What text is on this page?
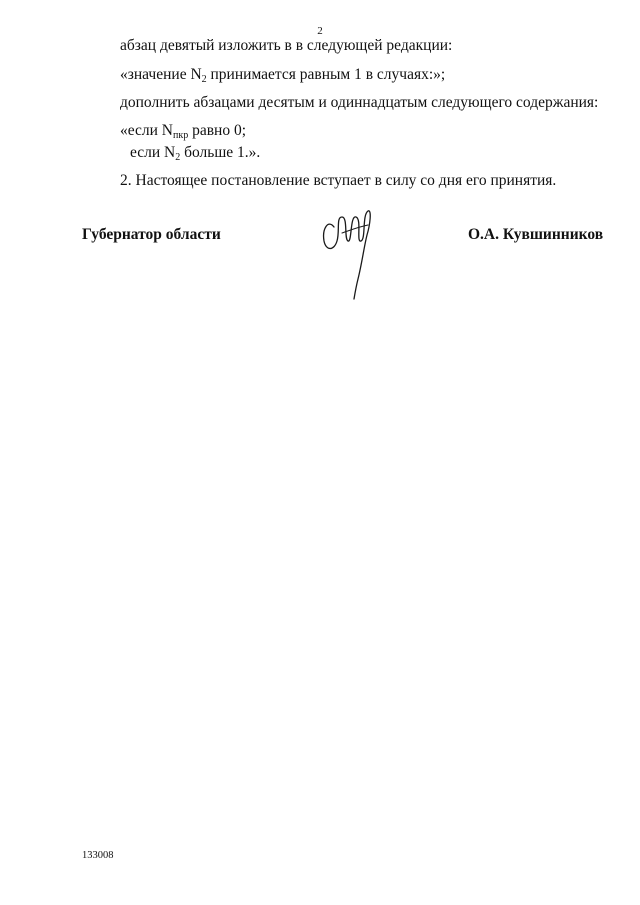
2
абзац девятый изложить в в следующей редакции:
«значение $N_2$ принимается равным 1 в случаях:»;
дополнить абзацами десятым и одиннадцатым следующего содержания:
«если $N_{пкр}$ равно 0;
если $N_2$ больше 1.».
2. Настоящее постановление вступает в силу со дня его принятия.
Губернатор области	О.А. Кувшинников
133008
